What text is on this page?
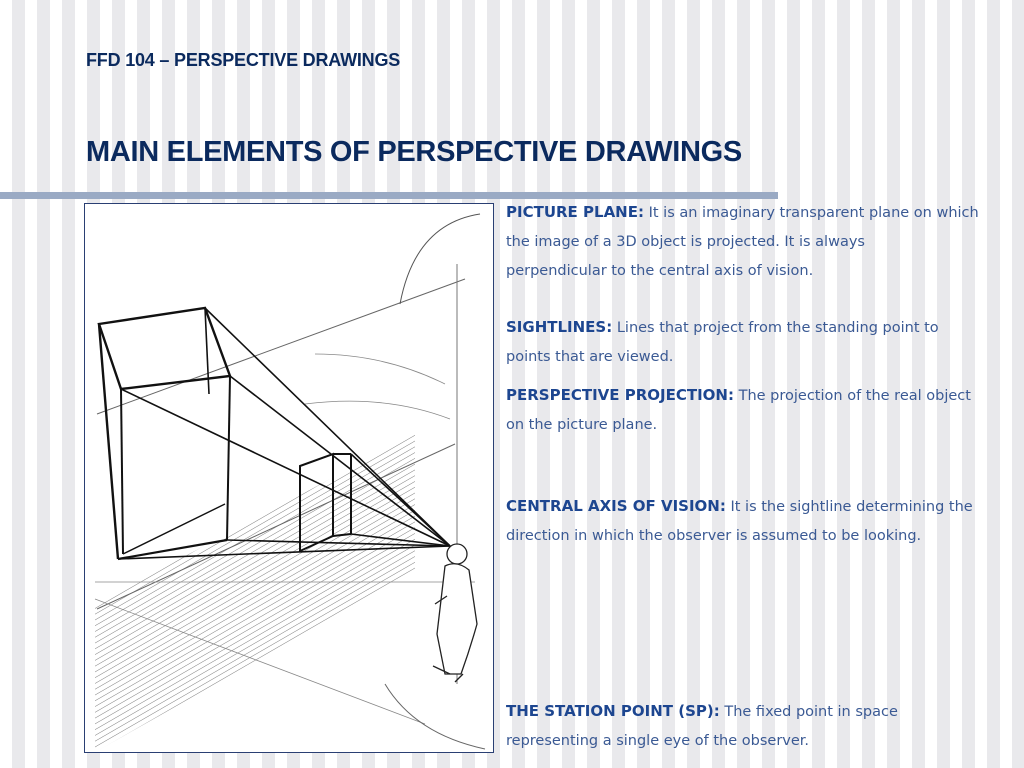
FFD 104 – PERSPECTIVE DRAWINGS
MAIN ELEMENTS OF PERSPECTIVE DRAWINGS
PICTURE PLANE: It is an imaginary transparent plane on which
the image of a 3D object is projected. It is always
perpendicular to the central axis of vision.
SIGHTLINES: Lines that project from the standing point to
points that are viewed.
PERSPECTIVE PROJECTION: The projection of the real object
on the picture plane.
CENTRAL AXIS OF VISION: It is the sightline determining the
direction in which the observer is assumed to be looking.
THE STATION POINT (SP): The fixed point in space
representing a single eye of the observer.
